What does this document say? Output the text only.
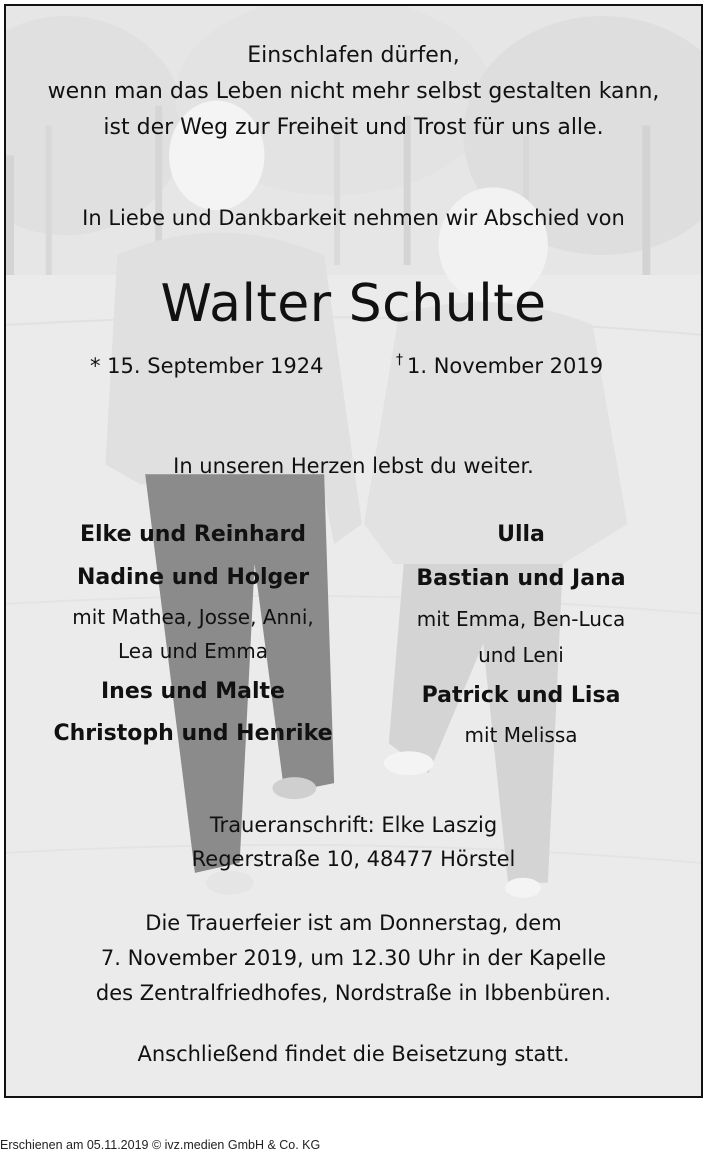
Einschlafen dürfen,
wenn man das Leben nicht mehr selbst gestalten kann,
ist der Weg zur Freiheit und Trost für uns alle.
In Liebe und Dankbarkeit nehmen wir Abschied von
Walter Schulte
* 15. September 1924	† 1. November 2019
In unseren Herzen lebst du weiter.
Elke und Reinhard
Nadine und Holger
mit Mathea, Josse, Anni,
Lea und Emma
Ines und Malte
Christoph und Henrike
Ulla
Bastian und Jana
mit Emma, Ben-Luca
und Leni
Patrick und Lisa
mit Melissa
Traueranschrift: Elke Laszig
Regerstraße 10, 48477 Hörstel
Die Trauerfeier ist am Donnerstag, dem
7. November 2019, um 12.30 Uhr in der Kapelle
des Zentralfriedhofes, Nordstraße in Ibbenbüren.
Anschließend findet die Beisetzung statt.
Erschienen am 05.11.2019 © ivz.medien GmbH & Co. KG
